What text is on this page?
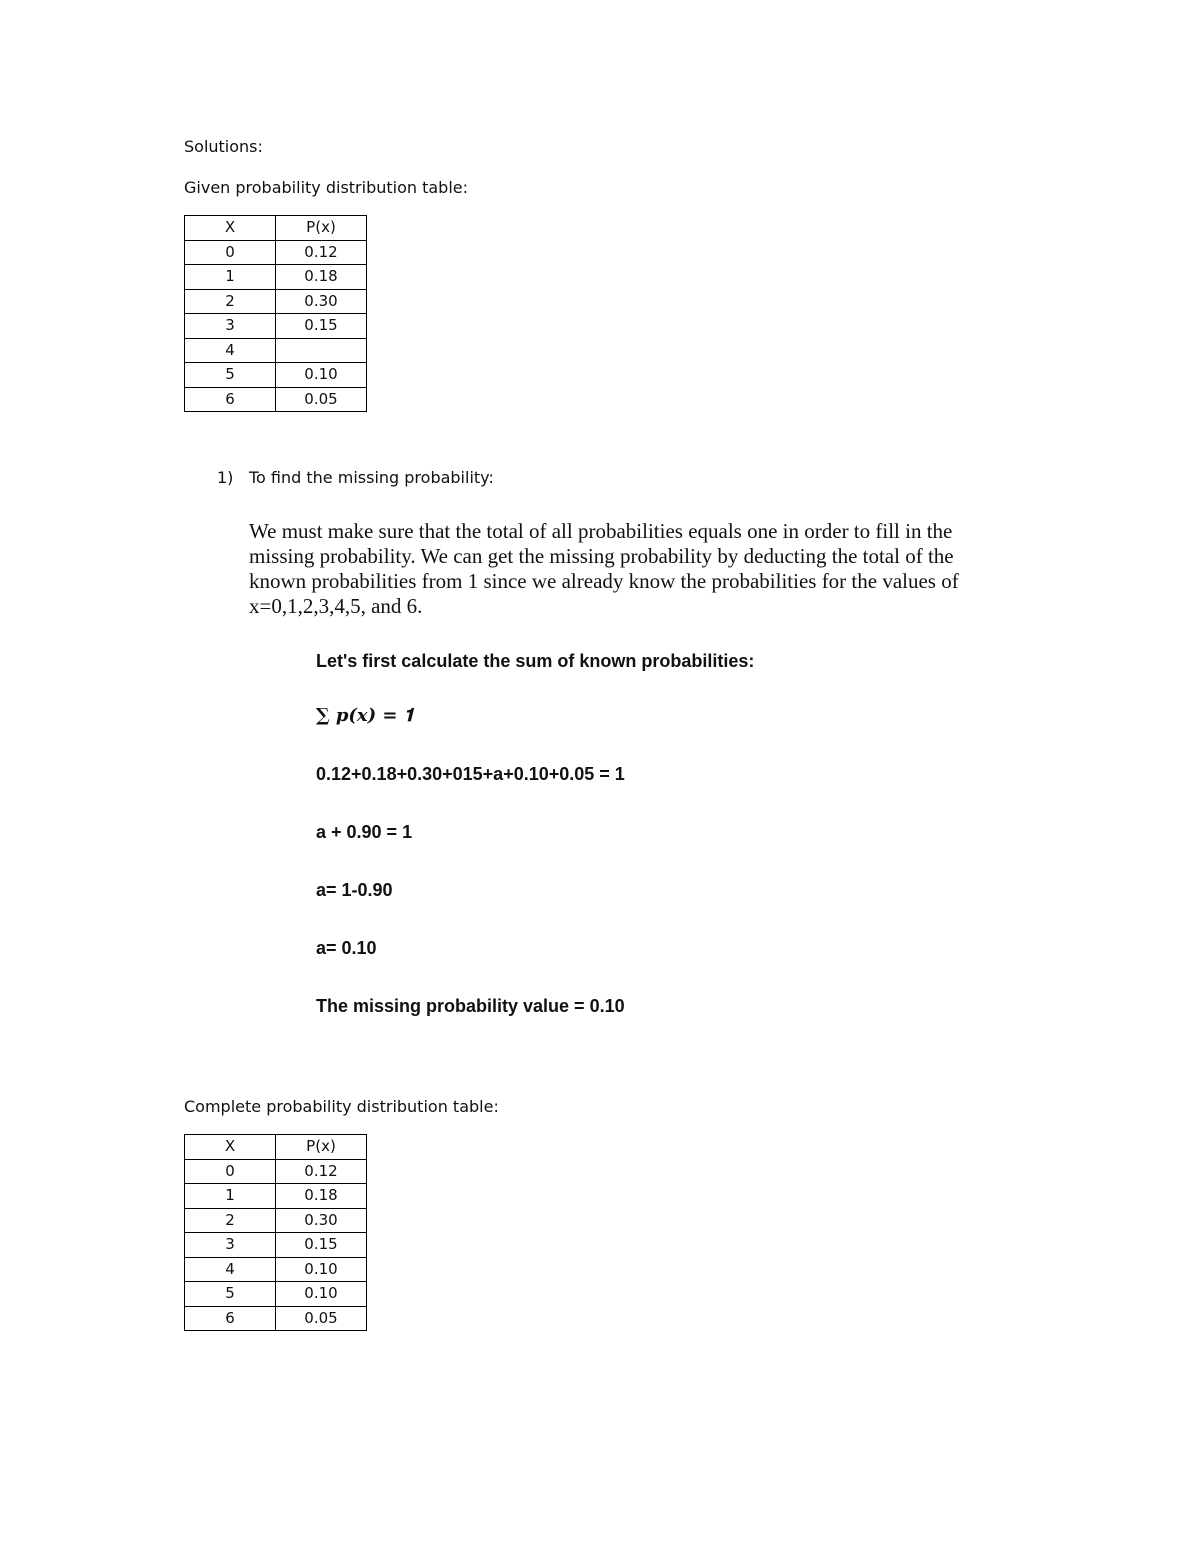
Solutions:
Given probability distribution table:
X	P(x)
0	0.12
1	0.18
2	0.30
3	0.15
4	
5	0.10
6	0.05
1) To find the missing probability:
We must make sure that the total of all probabilities equals one in order to fill in the
missing probability. We can get the missing probability by deducting the total of the
known probabilities from 1 since we already know the probabilities for the values of
x=0,1,2,3,4,5, and 6.
Let's first calculate the sum of known probabilities:
∑ 𝒑(𝒙) = 𝟏
0.12+0.18+0.30+015+a+0.10+0.05 = 1
a + 0.90 = 1
a= 1-0.90
a= 0.10
The missing probability value = 0.10
Complete probability distribution table:
X	P(x)
0	0.12
1	0.18
2	0.30
3	0.15
4	0.10
5	0.10
6	0.05
